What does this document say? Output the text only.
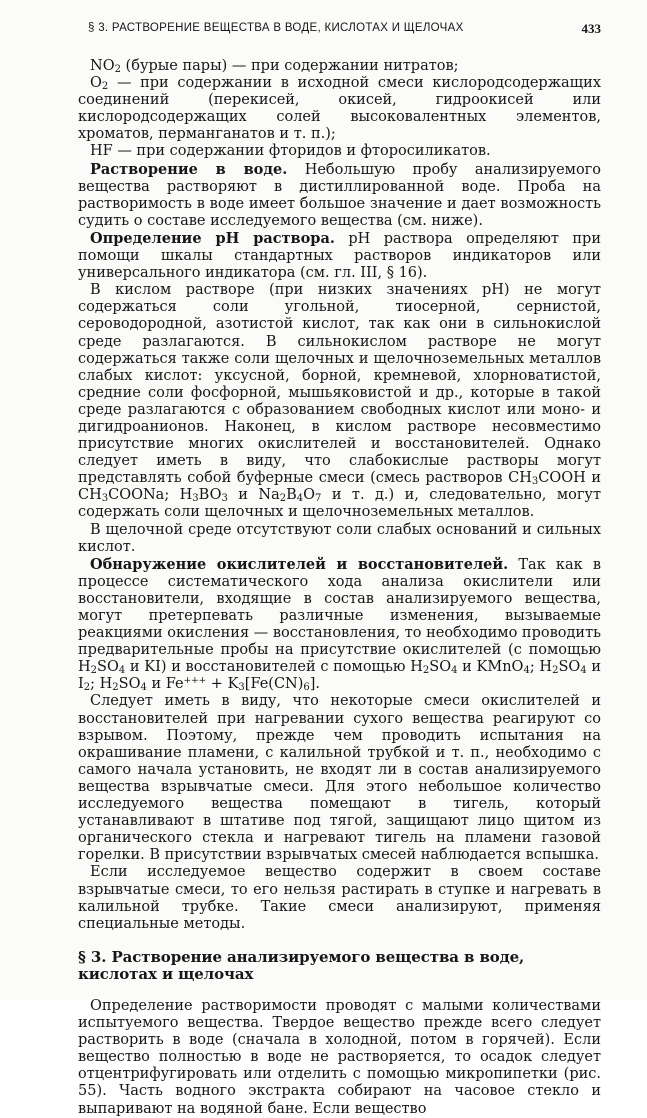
§ 3. РАСТВОРЕНИЕ ВЕЩЕСТВА В ВОДЕ, КИСЛОТАХ И ЩЕЛОЧАХ	433

$NO_2$ (бурые пары) — при содержании нитратов;

$O_2$ — при содержании в исходной смеси кислородсодержащих соединений (перекисей, окисей, гидроокисей или кислородсодержащих солей высоковалентных элементов, хроматов, перманганатов и т. п.);

HF — при содержании фторидов и фторосиликатов.

Растворение в воде. Небольшую пробу анализируемого вещества растворяют в дистиллированной воде. Проба на растворимость в воде имеет большое значение и дает возможность судить о составе исследуемого вещества (см. ниже).

Определение pH раствора. pH раствора определяют при помощи шкалы стандартных растворов индикаторов или универсального индикатора (см. гл. III, § 16).

В кислом растворе (при низких значениях pH) не могут содержаться соли угольной, тиосерной, сернистой, сероводородной, азотистой кислот, так как они в сильнокислой среде разлагаются. В сильнокислом растворе не могут содержаться также соли щелочных и щелочноземельных металлов слабых кислот: уксусной, борной, кремневой, хлорноватистой, средние соли фосфорной, мышьяковистой и др., которые в такой среде разлагаются с образованием свободных кислот или моно- и дигидроанионов. Наконец, в кислом растворе несовместимо присутствие многих окислителей и восстановителей. Однако следует иметь в виду, что слабокислые растворы могут представлять собой буферные смеси (смесь растворов $CH_3COOH$ и $CH_3COONa$; $H_3BO_3$ и $Na_2B_4O_7$ и т. д.) и, следовательно, могут содержать соли щелочных и щелочноземельных металлов.

В щелочной среде отсутствуют соли слабых оснований и сильных кислот.

Обнаружение окислителей и восстановителей. Так как в процессе систематического хода анализа окислители или восстановители, входящие в состав анализируемого вещества, могут претерпевать различные изменения, вызываемые реакциями окисления — восстановления, то необходимо проводить предварительные пробы на присутствие окислителей (с помощью $H_2SO_4$ и KI) и восстановителей с помощью $H_2SO_4$ и KMnO$_4$; $H_2SO_4$ и $I_2$; $H_2SO_4$ и $Fe^{+++} + K_3[Fe(CN)_6]$.

Следует иметь в виду, что некоторые смеси окислителей и восстановителей при нагревании сухого вещества реагируют со взрывом. Поэтому, прежде чем проводить испытания на окрашивание пламени, с калильной трубкой и т. п., необходимо с самого начала установить, не входят ли в состав анализируемого вещества взрывчатые смеси. Для этого небольшое количество исследуемого вещества помещают в тигель, который устанавливают в штативе под тягой, защищают лицо щитом из органического стекла и нагревают тигель на пламени газовой горелки. В присутствии взрывчатых смесей наблюдается вспышка.

Если исследуемое вещество содержит в своем составе взрывчатые смеси, то его нельзя растирать в ступке и нагревать в калильной трубке. Такие смеси анализируют, применяя специальные методы.

§ 3. Растворение анализируемого вещества в воде, кислотах и щелочах

Определение растворимости проводят с малыми количествами испытуемого вещества. Твердое вещество прежде всего следует растворить в воде (сначала в холодной, потом в горячей). Если вещество полностью в воде не растворяется, то осадок следует отцентрифугировать или отделить с помощью микропипетки (рис. 55). Часть водного экстракта собирают на часовое стекло и выпаривают на водяной бане. Если вещество
